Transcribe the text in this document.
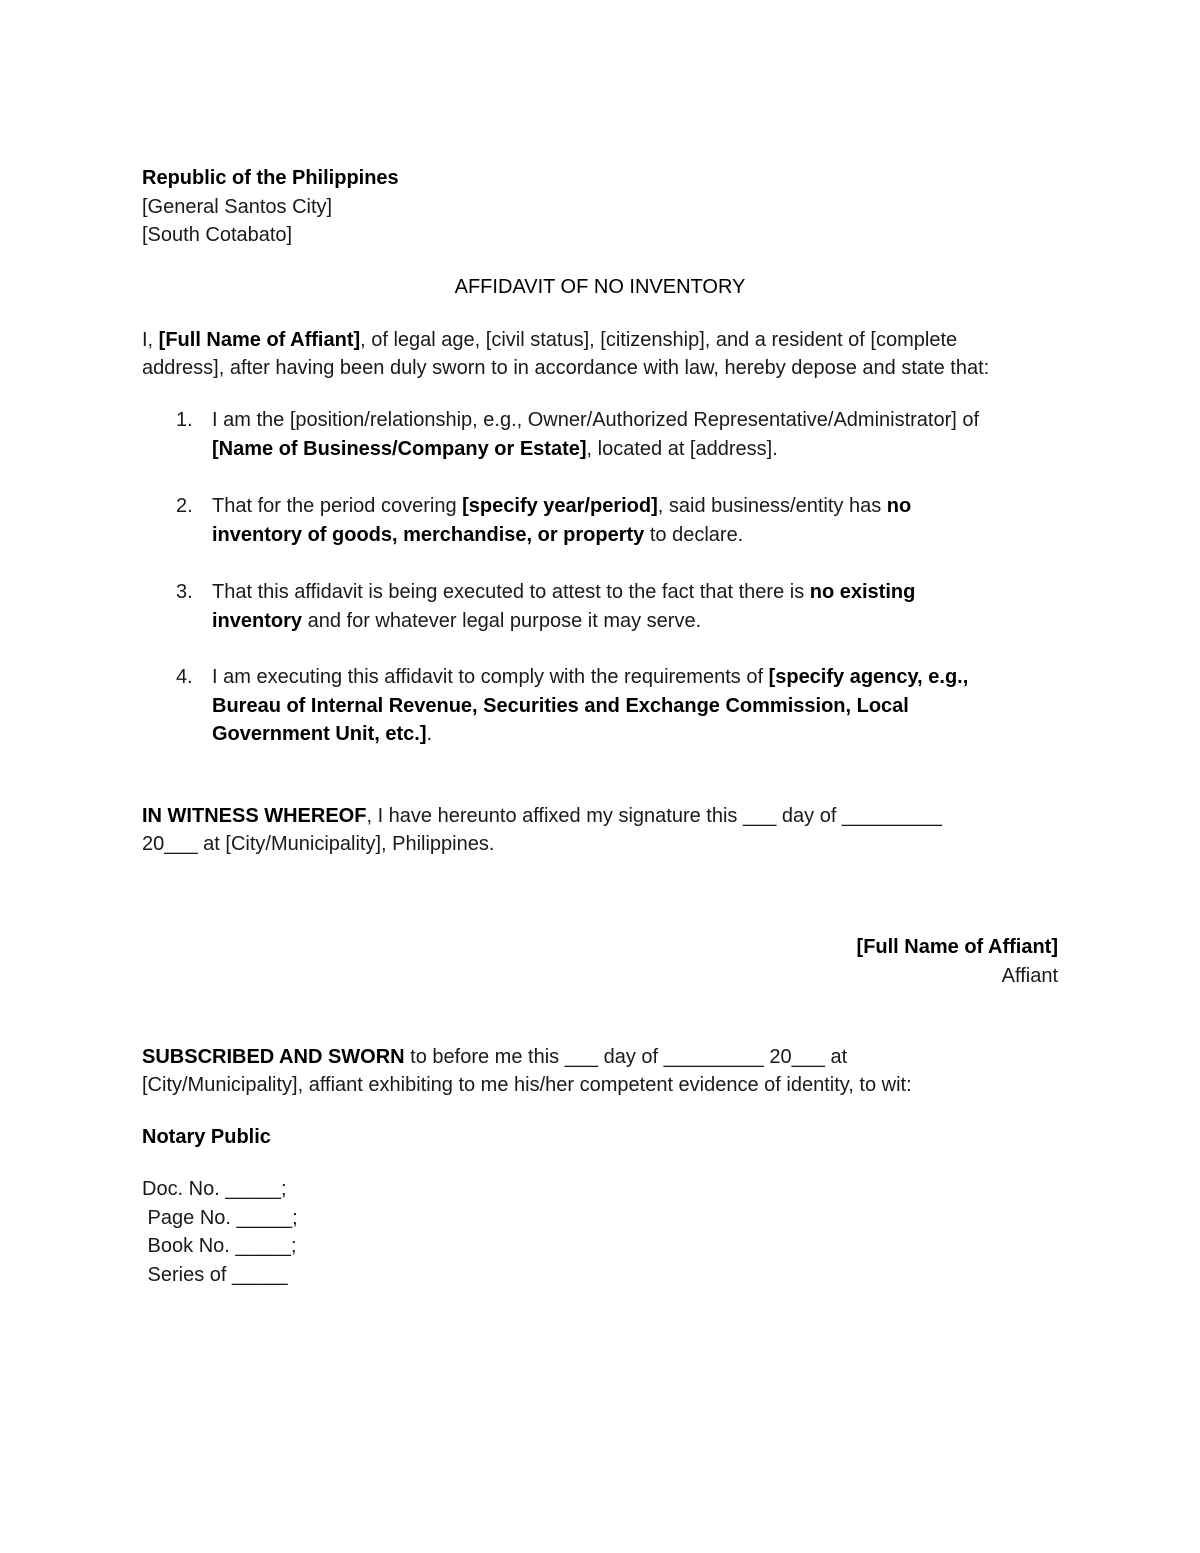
Republic of the Philippines
[General Santos City]
[South Cotabato]
AFFIDAVIT OF NO INVENTORY
I, [Full Name of Affiant], of legal age, [civil status], [citizenship], and a resident of [complete
address], after having been duly sworn to in accordance with law, hereby depose and state that:
1. I am the [position/relationship, e.g., Owner/Authorized Representative/Administrator] of
[Name of Business/Company or Estate], located at [address].
2. That for the period covering [specify year/period], said business/entity has no
inventory of goods, merchandise, or property to declare.
3. That this affidavit is being executed to attest to the fact that there is no existing
inventory and for whatever legal purpose it may serve.
4. I am executing this affidavit to comply with the requirements of [specify agency, e.g.,
Bureau of Internal Revenue, Securities and Exchange Commission, Local
Government Unit, etc.].
IN WITNESS WHEREOF, I have hereunto affixed my signature this ___ day of _________
20___ at [City/Municipality], Philippines.
[Full Name of Affiant]
Affiant
SUBSCRIBED AND SWORN to before me this ___ day of _________ 20___ at
[City/Municipality], affiant exhibiting to me his/her competent evidence of identity, to wit:
Notary Public
Doc. No. _____;
Page No. _____;
Book No. _____;
Series of _____
